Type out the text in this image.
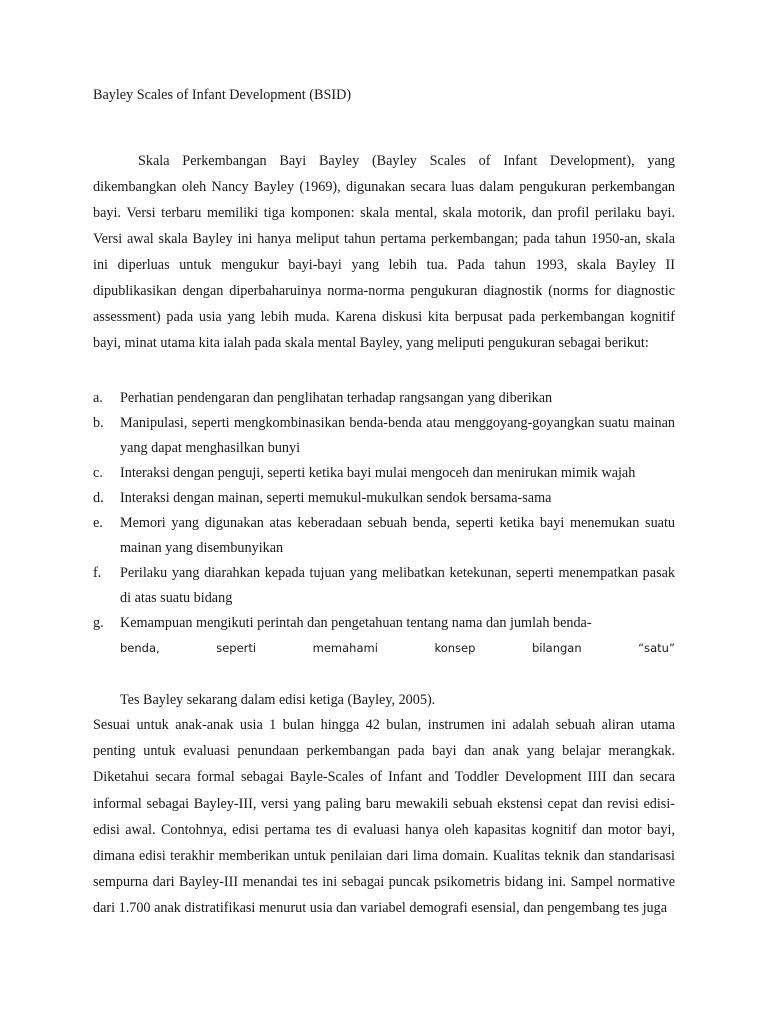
Bayley Scales of Infant Development (BSID)

Skala Perkembangan Bayi Bayley (Bayley Scales of Infant Development), yang dikembangkan oleh Nancy Bayley (1969), digunakan secara luas dalam pengukuran perkembangan bayi. Versi terbaru memiliki tiga komponen: skala mental, skala motorik, dan profil perilaku bayi. Versi awal skala Bayley ini hanya meliput tahun pertama perkembangan; pada tahun 1950-an, skala ini diperluas untuk mengukur bayi-bayi yang lebih tua. Pada tahun 1993, skala Bayley II dipublikasikan dengan diperbaharuinya norma-norma pengukuran diagnostik (norms for diagnostic assessment) pada usia yang lebih muda. Karena diskusi kita berpusat pada perkembangan kognitif bayi, minat utama kita ialah pada skala mental Bayley, yang meliputi pengukuran sebagai berikut:

a. Perhatian pendengaran dan penglihatan terhadap rangsangan yang diberikan
b. Manipulasi, seperti mengkombinasikan benda-benda atau menggoyang-goyangkan suatu mainan yang dapat menghasilkan bunyi
c. Interaksi dengan penguji, seperti ketika bayi mulai mengoceh dan menirukan mimik wajah
d. Interaksi dengan mainan, seperti memukul-mukulkan sendok bersama-sama
e. Memori yang digunakan atas keberadaan sebuah benda, seperti ketika bayi menemukan suatu mainan yang disembunyikan
f. Perilaku yang diarahkan kepada tujuan yang melibatkan ketekunan, seperti menempatkan pasak di atas suatu bidang
g. Kemampuan mengikuti perintah dan pengetahuan tentang nama dan jumlah benda-
benda,	seperti	memahami	konsep	bilangan	“satu”
Tes Bayley sekarang dalam edisi ketiga (Bayley, 2005).

Sesuai untuk anak-anak usia 1 bulan hingga 42 bulan, instrumen ini adalah sebuah aliran utama penting untuk evaluasi penundaan perkembangan pada bayi dan anak yang belajar merangkak. Diketahui secara formal sebagai Bayle-Scales of Infant and Toddler Development IIII dan secara informal sebagai Bayley-III, versi yang paling baru mewakili sebuah ekstensi cepat dan revisi edisi-edisi awal. Contohnya, edisi pertama tes di evaluasi hanya oleh kapasitas kognitif dan motor bayi, dimana edisi terakhir memberikan untuk penilaian dari lima domain. Kualitas teknik dan standarisasi sempurna dari Bayley-III menandai tes ini sebagai puncak psikometris bidang ini. Sampel normative dari 1.700 anak distratifikasi menurut usia dan variabel demografi esensial, dan pengembang tes juga
